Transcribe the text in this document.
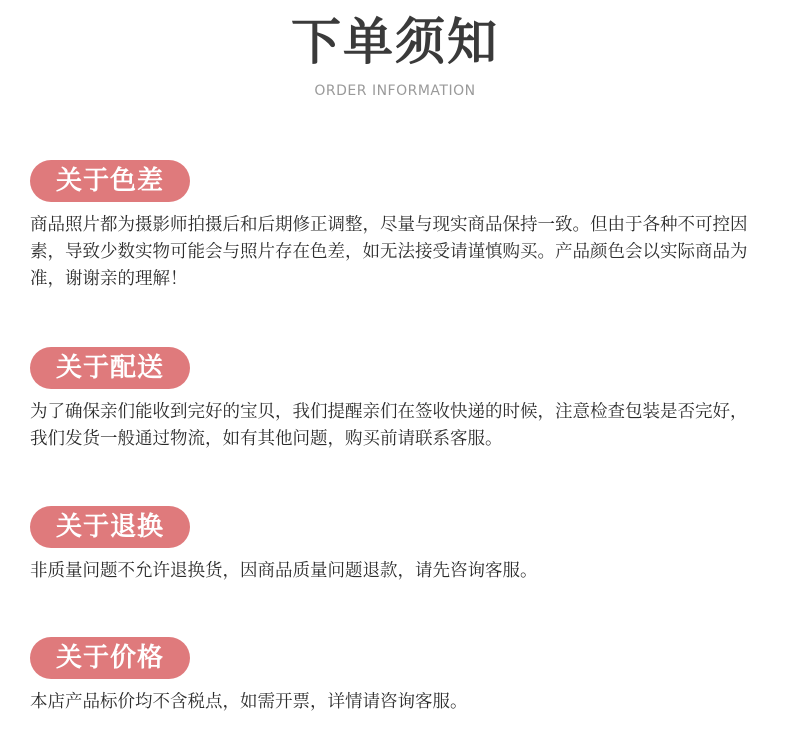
下单须知
ORDER INFORMATION
关于色差

商品照片都为摄影师拍摄后和后期修正调整，尽量与现实商品保持一致。但由于各种不可控因素，导致少数实物可能会与照片存在色差，如无法接受请谨慎购买。产品颜色会以实际商品为准，谢谢亲的理解！

关于配送

为了确保亲们能收到完好的宝贝，我们提醒亲们在签收快递的时候，注意检查包装是否完好，我们发货一般通过物流，如有其他问题，购买前请联系客服。

关于退换

非质量问题不允许退换货，因商品质量问题退款，请先咨询客服。

关于价格

本店产品标价均不含税点，如需开票，详情请咨询客服。
